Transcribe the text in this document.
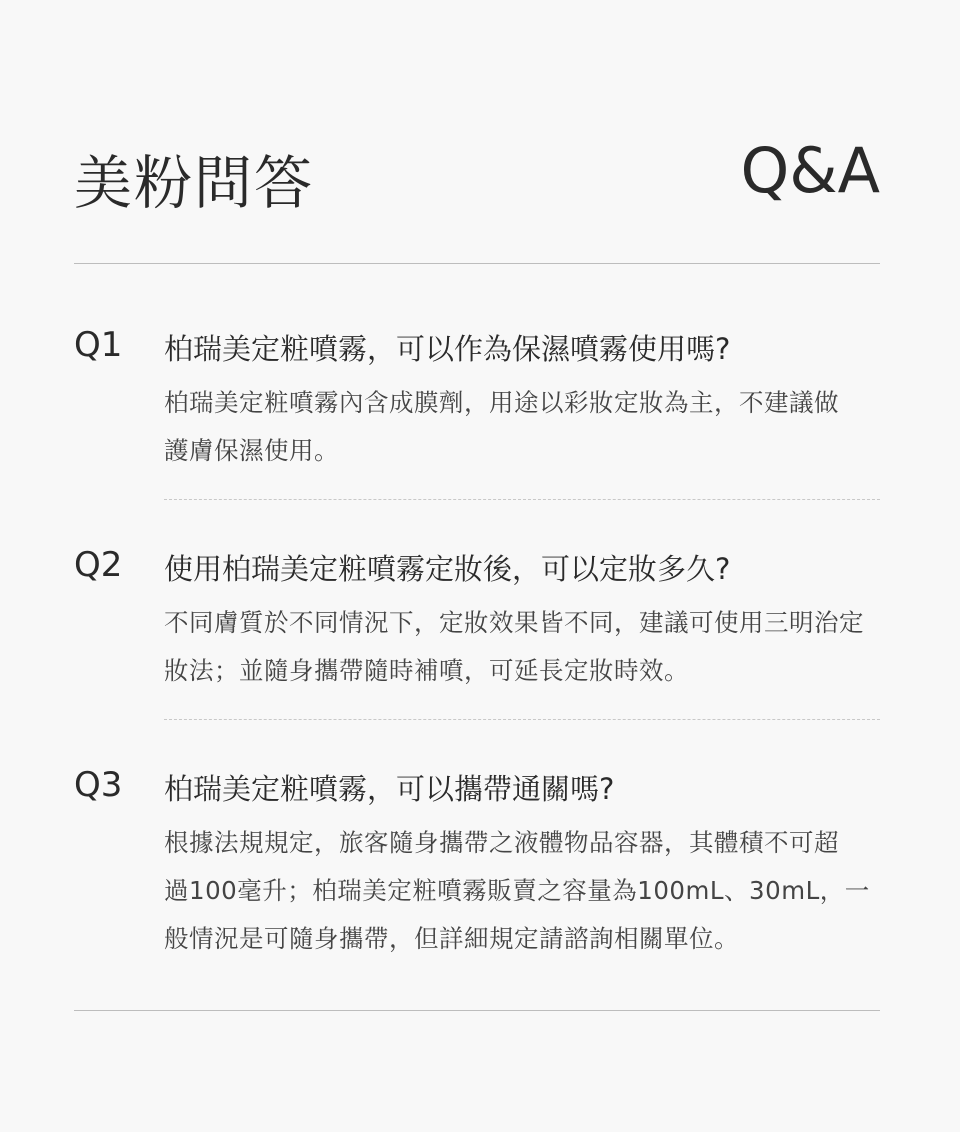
美粉問答	Q&A
Q1 柏瑞美定粧噴霧，可以作為保濕噴霧使用嗎?
柏瑞美定粧噴霧內含成膜劑，用途以彩妝定妝為主，不建議做
護膚保濕使用。
Q2 使用柏瑞美定粧噴霧定妝後，可以定妝多久?
不同膚質於不同情況下，定妝效果皆不同，建議可使用三明治定
妝法；並隨身攜帶隨時補噴，可延長定妝時效。
Q3 柏瑞美定粧噴霧，可以攜帶通關嗎?
根據法規規定，旅客隨身攜帶之液體物品容器，其體積不可超
過100毫升；柏瑞美定粧噴霧販賣之容量為100mL、30mL，一
般情況是可隨身攜帶，但詳細規定請諮詢相關單位。
